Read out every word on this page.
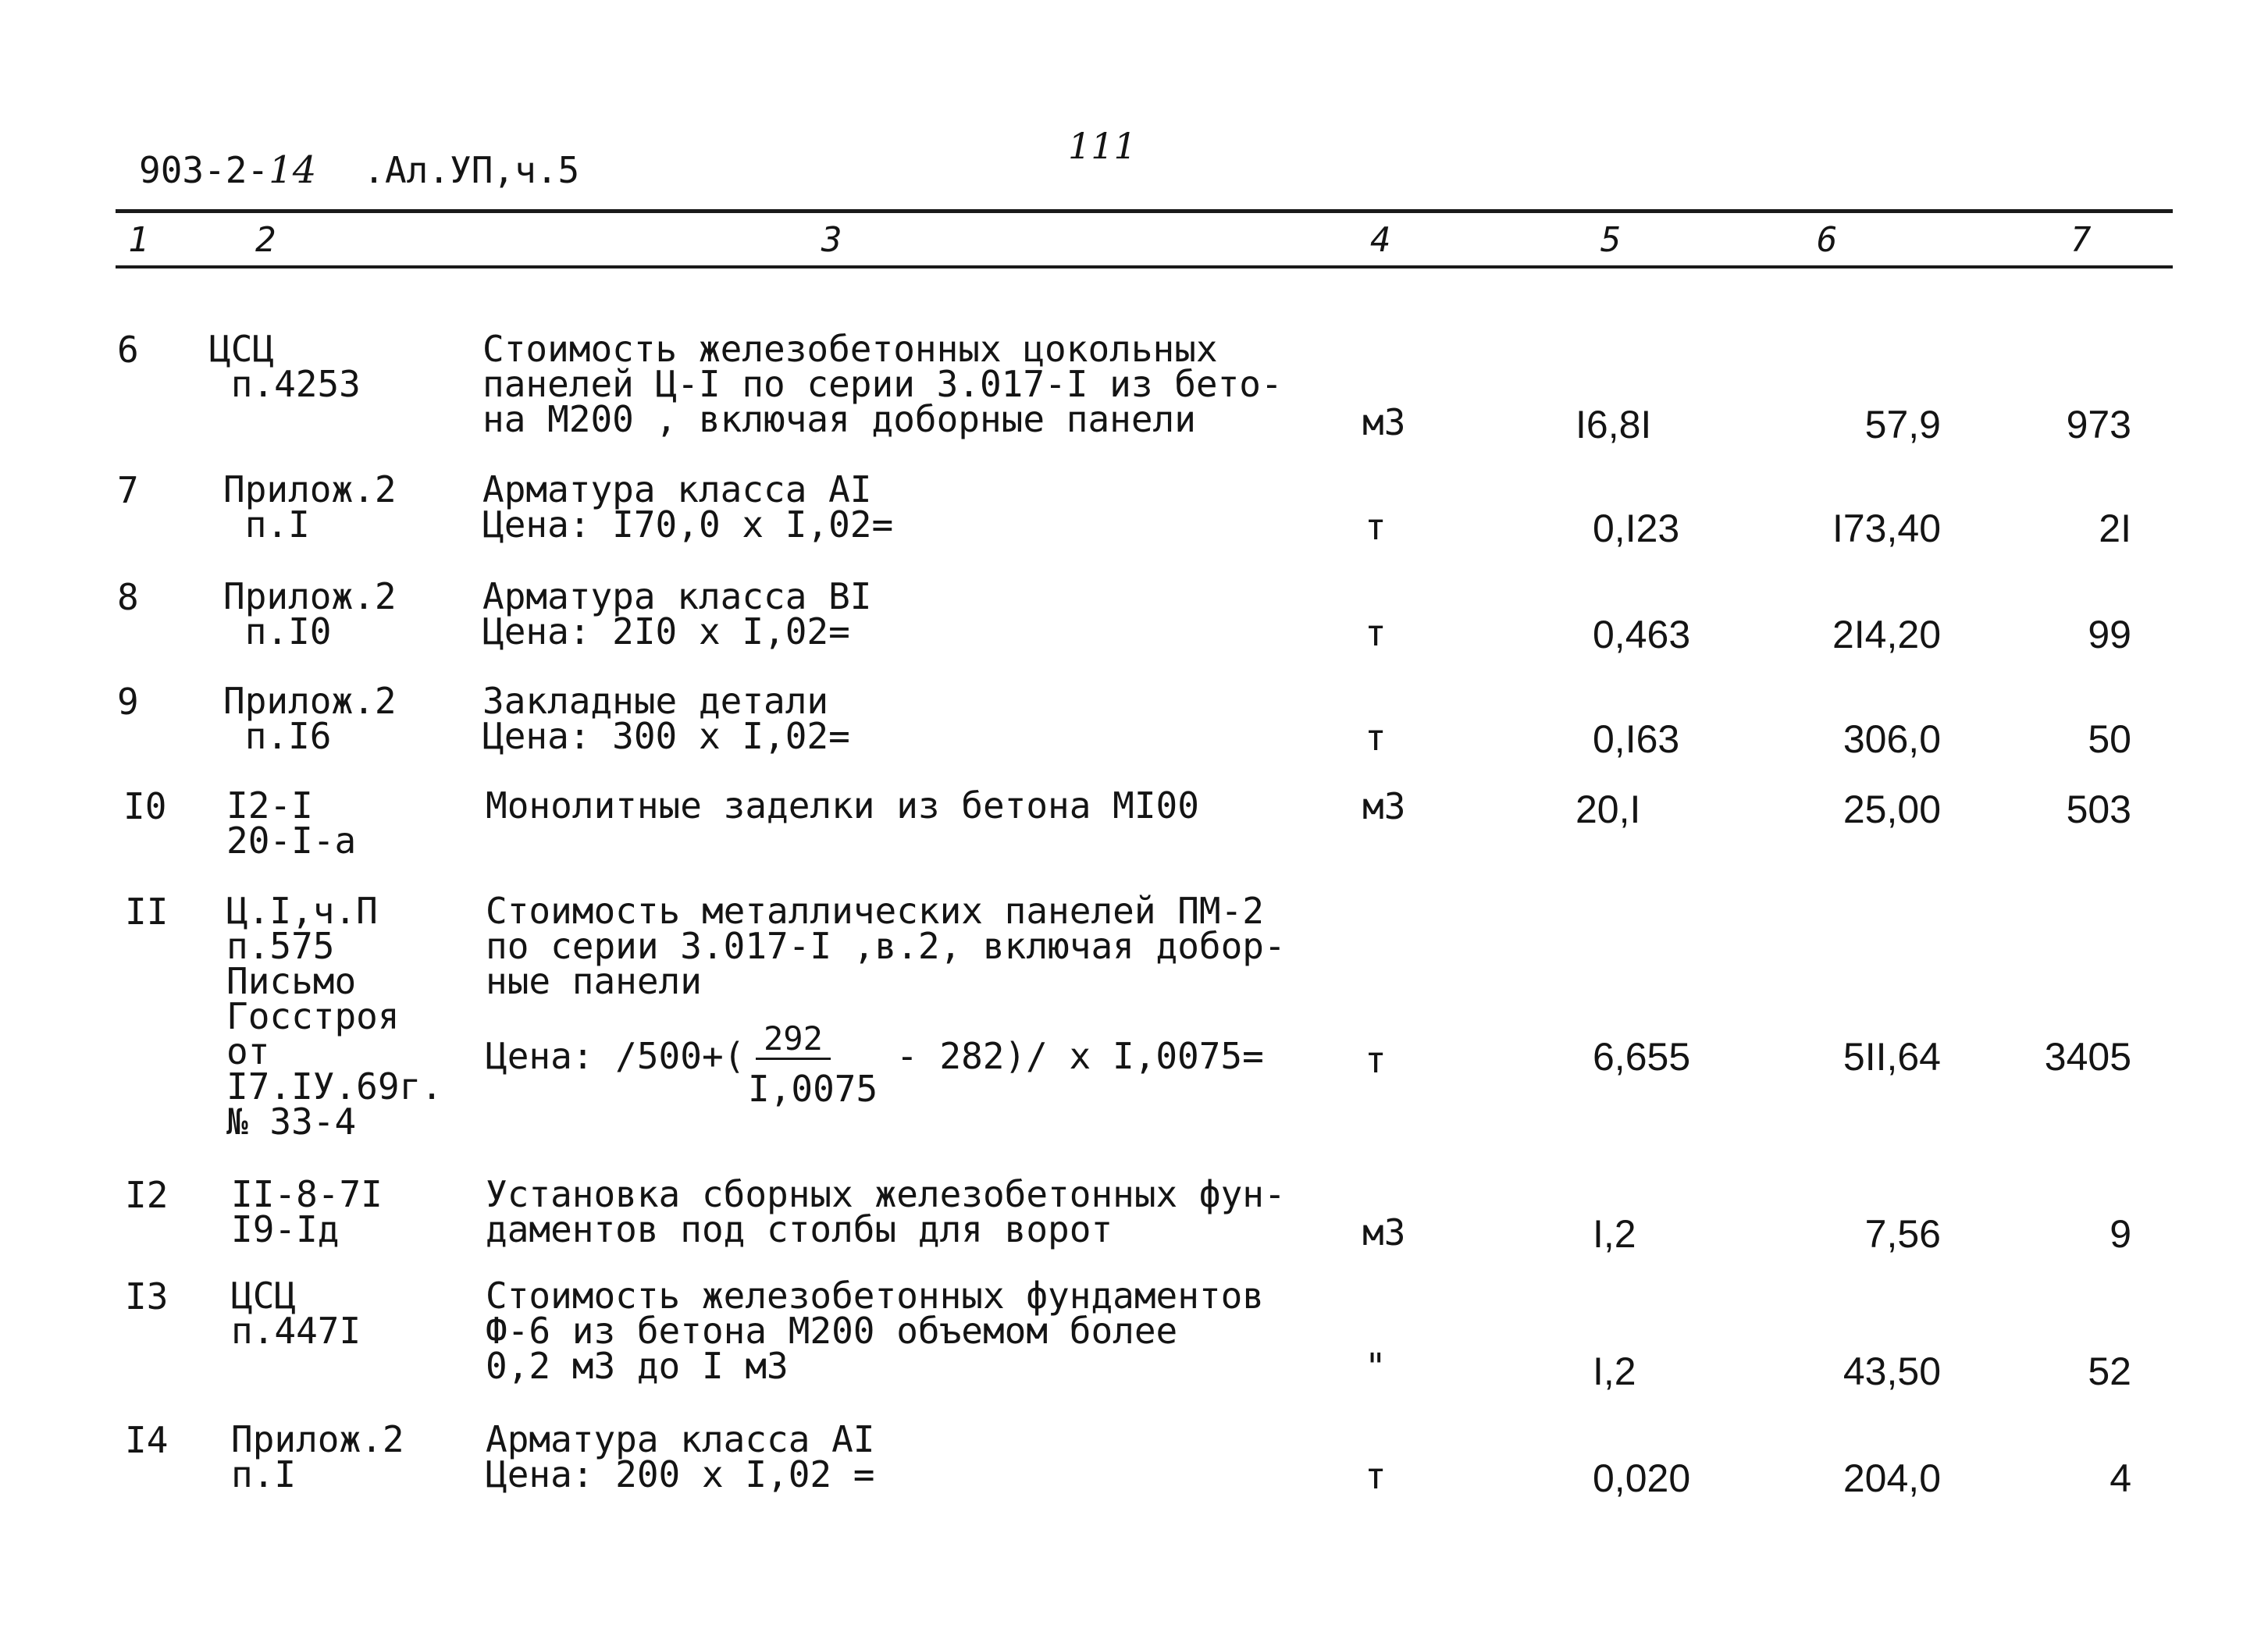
903-2-14 .Ал.УП,ч.5
111
1	2	3	4	5	6	7
6 ЦСЦ
п.4253
Стоимость железобетонных цокольных
панелей Ц-I по серии 3.017-I из бето-
на М200 , включая доборные панели	м3	I6,8I	57,9	973
7 Прилож.2
п.I
Арматура класса AI
Цена: I70,0 х I,02=	т	0,I23	I73,40	2I
8 Прилож.2
п.I0
Арматура класса BI
Цена: 2I0 х I,02=	т	0,463	2I4,20	99
9 Прилож.2
п.I6
Закладные детали
Цена: 300 х I,02=	т	0,I63	306,0	50
I0 I2-I
20-I-а
Монолитные заделки из бетона МI00	м3	20,I	25,00	503
II Ц.I,ч.П
п.575
Письмо
Госстроя
от
I7.IУ.69г.
№ 33-4
Стоимость металлических панелей ПМ-2
по серии 3.017-I ,в.2, включая добор-
ные панели
Цена: /500+( 292
I,0075
- 282)/ х I,0075=	т	6,655	5II,64	3405
I2 II-8-7I
I9-Iд
Установка сборных железобетонных фун-
даментов под столбы для ворот	м3	I,2	7,56	9
I3 ЦСЦ
п.447I
Стоимость железобетонных фундаментов
Ф-6 из бетона М200 объемом более
0,2 м3 до I м3	"	I,2	43,50	52
I4 Прилож.2
п.I
Арматура класса AI
Цена: 200 х I,02 =	т	0,020	204,0	4
